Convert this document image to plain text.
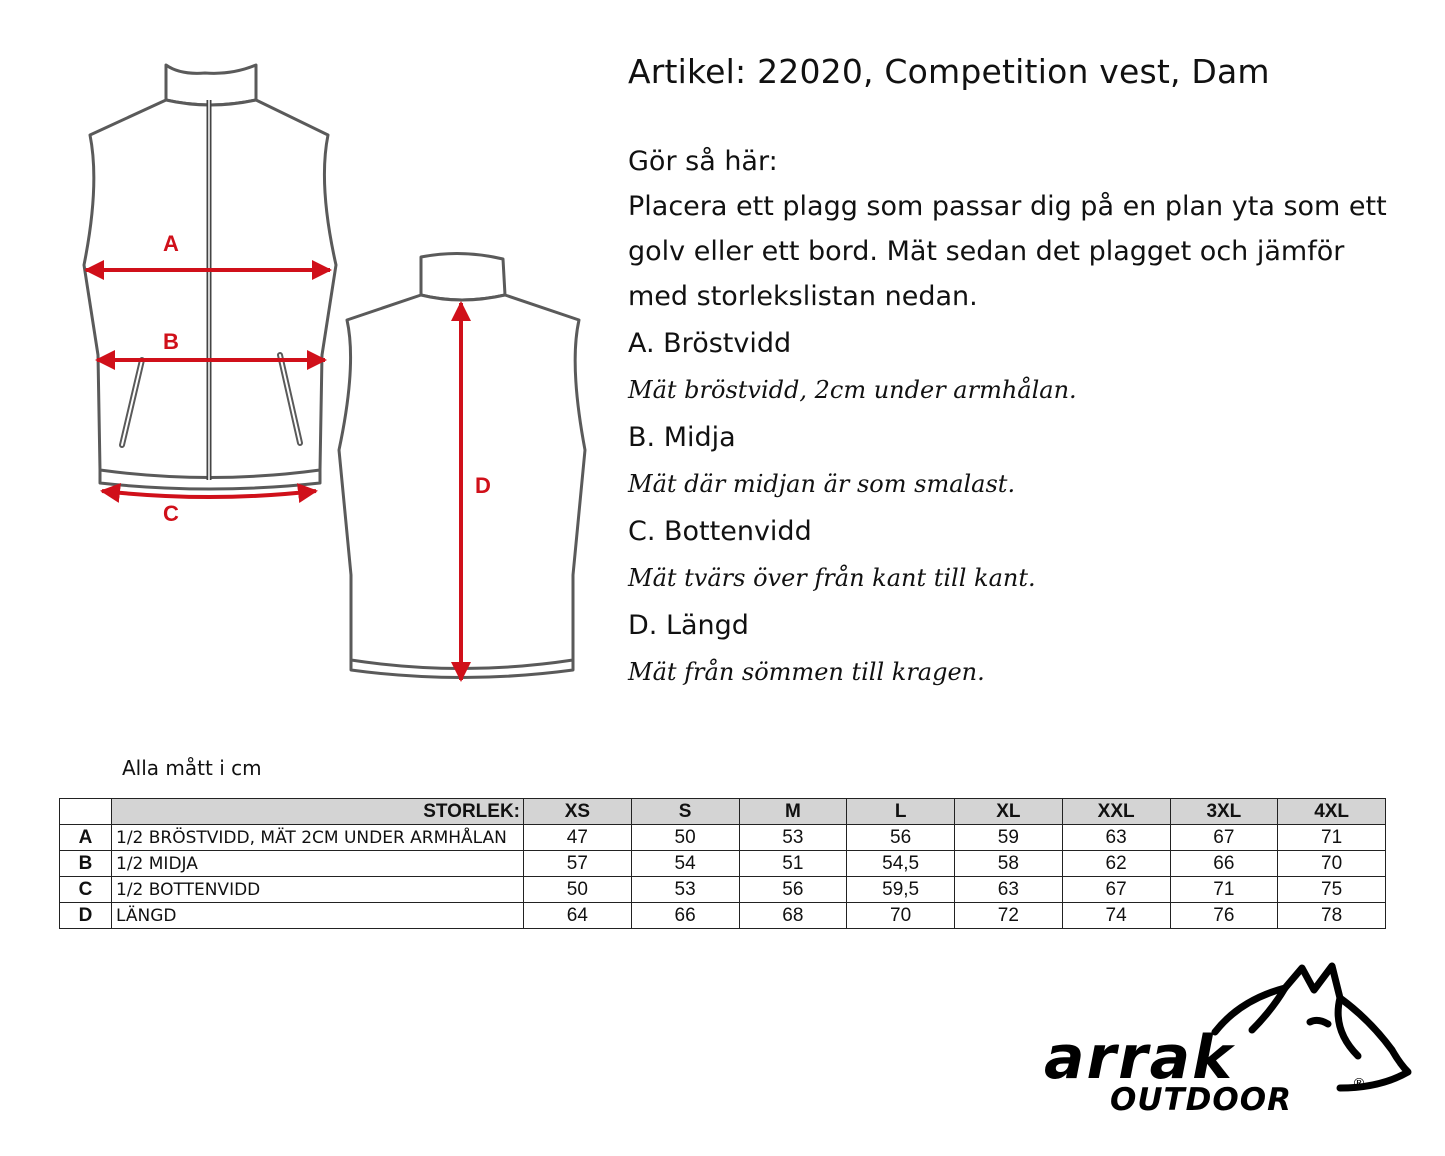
A
B
C
D
Artikel: 22020, Competition vest, Dam
Gör så här:

Placera ett plagg som passar dig på en plan yta som ett golv eller ett bord. Mät sedan det plagget och jämför med storlekslistan nedan.

A. Bröstvidd
Mät bröstvidd, 2cm under armhålan.
B. Midja
Mät där midjan är som smalast.
C. Bottenvidd
Mät tvärs över från kant till kant.
D. Längd
Mät från sömmen till kragen.
Alla mått i cm
	STORLEK:	XS	S	M	L	XL	XXL	3XL	4XL
A	1/2 BRÖSTVIDD, MÄT 2CM UNDER ARMHÅLAN	47	50	53	56	59	63	67	71
B	1/2 MIDJA	57	54	51	54,5	58	62	66	70
C	1/2 BOTTENVIDD	50	53	56	59,5	63	67	71	75
D	LÄNGD	64	66	68	70	72	74	76	78
arrak
OUTDOOR	®
